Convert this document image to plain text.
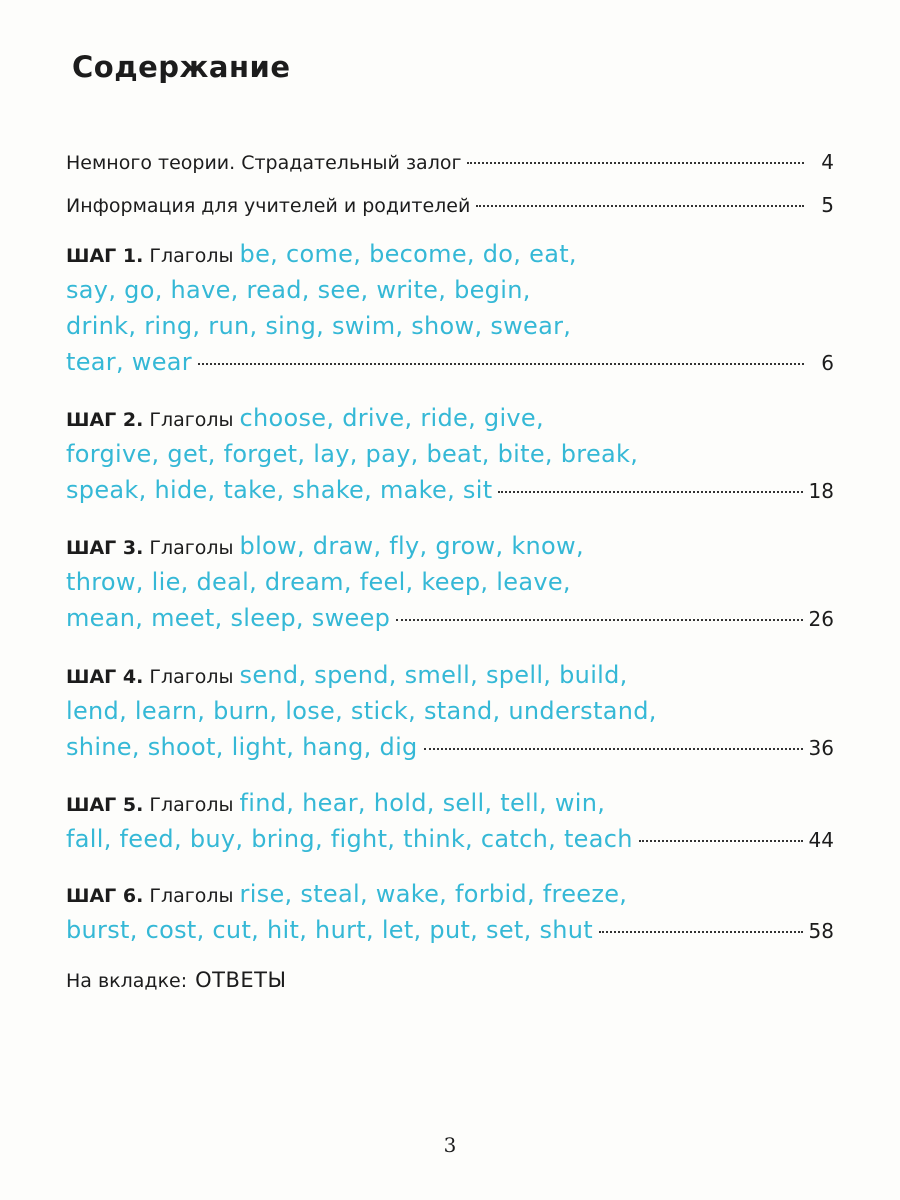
Содержание
Немного теории. Страдательный залог	4
Информация для учителей и родителей	5
ШАГ 1. Глаголы be, come, become, do, eat,
say, go, have, read, see, write, begin,
drink, ring, run, sing, swim, show, swear,
tear, wear	6
ШАГ 2. Глаголы choose, drive, ride, give,
forgive, get, forget, lay, pay, beat, bite, break,
speak, hide, take, shake, make, sit	18
ШАГ 3. Глаголы blow, draw, fly, grow, know,
throw, lie, deal, dream, feel, keep, leave,
mean, meet, sleep, sweep	26
ШАГ 4. Глаголы send, spend, smell, spell, build,
lend, learn, burn, lose, stick, stand, understand,
shine, shoot, light, hang, dig	36
ШАГ 5. Глаголы find, hear, hold, sell, tell, win,
fall, feed, buy, bring, fight, think, catch, teach	44
ШАГ 6. Глаголы rise, steal, wake, forbid, freeze,
burst, cost, cut, hit, hurt, let, put, set, shut	58
На вкладке: ОТВЕТЫ
3
